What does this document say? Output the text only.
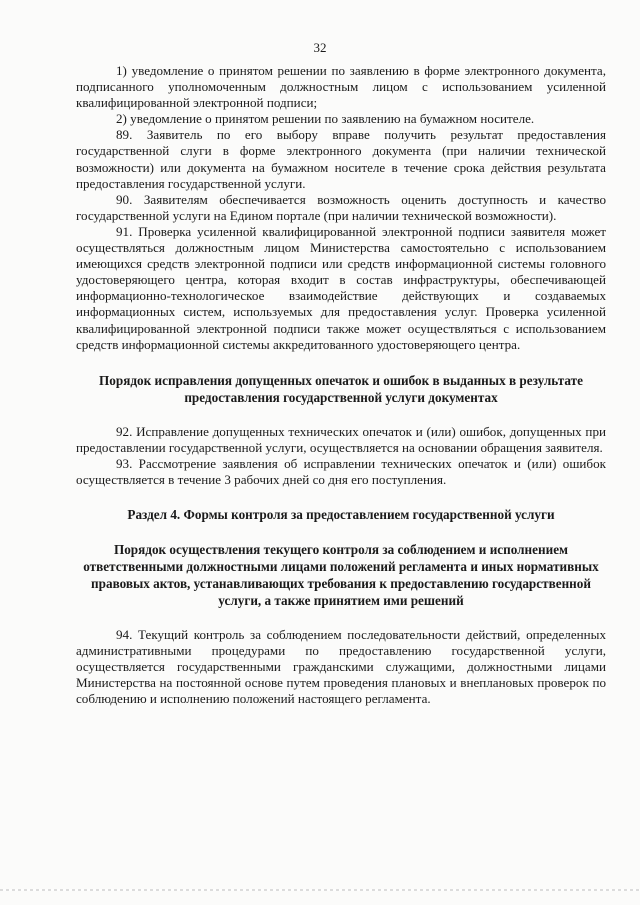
32

1) уведомление о принятом решении по заявлению в форме электронного документа, подписанного уполномоченным должностным лицом с использованием усиленной квалифицированной электронной подписи;

2) уведомление о принятом решении по заявлению на бумажном носителе.

89. Заявитель по его выбору вправе получить результат предоставления государственной слуги в форме электронного документа (при наличии технической возможности) или документа на бумажном носителе в течение срока действия результата предоставления государственной услуги.

90. Заявителям обеспечивается возможность оценить доступность и качество государственной услуги на Едином портале (при наличии технической возможности).

91. Проверка усиленной квалифицированной электронной подписи заявителя может осуществляться должностным лицом Министерства самостоятельно с использованием имеющихся средств электронной подписи или средств информационной системы головного удостоверяющего центра, которая входит в состав инфраструктуры, обеспечивающей информационно-технологическое взаимодействие действующих и создаваемых информационных систем, используемых для предоставления услуг. Проверка усиленной квалифицированной электронной подписи также может осуществляться с использованием средств информационной системы аккредитованного удостоверяющего центра.

Порядок исправления допущенных опечаток и ошибок в выданных в результате предоставления государственной услуги документах

92. Исправление допущенных технических опечаток и (или) ошибок, допущенных при предоставлении государственной услуги, осуществляется на основании обращения заявителя.

93. Рассмотрение заявления об исправлении технических опечаток и (или) ошибок осуществляется в течение 3 рабочих дней со дня его поступления.

Раздел 4. Формы контроля за предоставлением государственной услуги
Порядок осуществления текущего контроля за соблюдением и исполнением ответственными должностными лицами положений регламента и иных нормативных правовых актов, устанавливающих требования к предоставлению государственной услуги, а также принятием ими решений

94. Текущий контроль за соблюдением последовательности действий, определенных административными процедурами по предоставлению государственной услуги, осуществляется государственными гражданскими служащими, должностными лицами Министерства на постоянной основе путем проведения плановых и внеплановых проверок по соблюдению и исполнению положений настоящего регламента.
